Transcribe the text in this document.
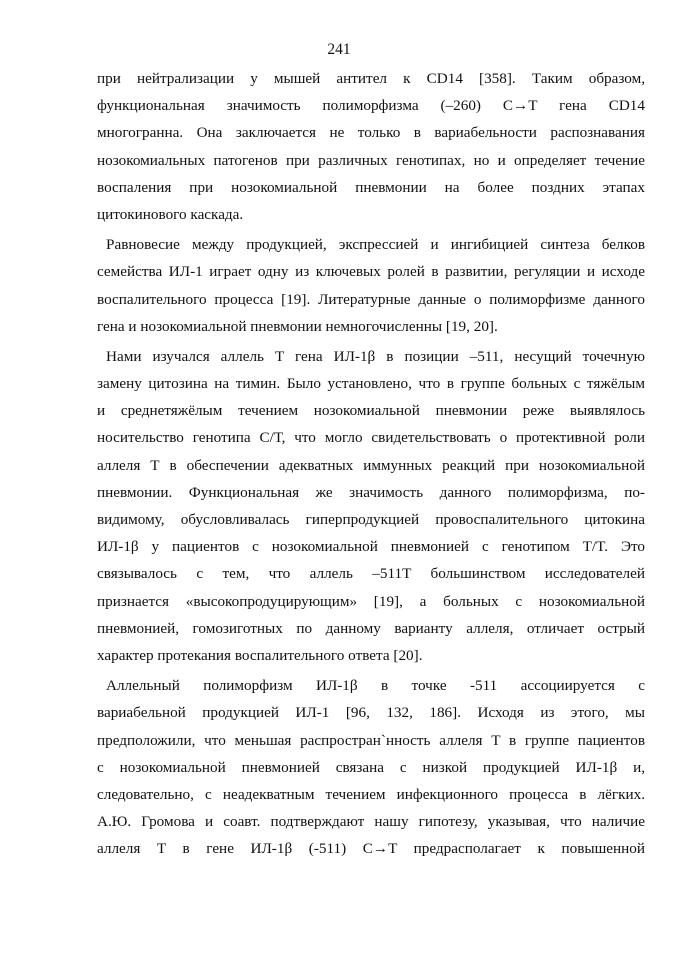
241
при нейтрализации у мышей антител к CD14 [358]. Таким образом,
функциональная значимость полиморфизма (–260) C→T гена CD14
многогранна. Она заключается не только в вариабельности распознавания
нозокомиальных патогенов при различных генотипах, но и определяет течение
воспаления при нозокомиальной пневмонии на более поздних этапах
цитокинового каскада.
Равновесие между продукцией, экспрессией и ингибицией синтеза белков
семейства ИЛ-1 играет одну из ключевых ролей в развитии, регуляции и исходе
воспалительного процесса [19]. Литературные данные о полиморфизме данного
гена и нозокомиальной пневмонии немногочисленны [19, 20].
Нами изучался аллель T гена ИЛ-1β в позиции –511, несущий точечную
замену цитозина на тимин. Было установлено, что в группе больных с тяжёлым
и среднетяжёлым течением нозокомиальной пневмонии реже выявлялось
носительство генотипа С/Т, что могло свидетельствовать о протективной роли
аллеля Т в обеспечении адекватных иммунных реакций при нозокомиальной
пневмонии. Функциональная же значимость данного полиморфизма, по-
видимому, обусловливалась гиперпродукцией провоспалительного цитокина
ИЛ-1β у пациентов с нозокомиальной пневмонией с генотипом T/T. Это
связывалось с тем, что аллель –511T большинством исследователей
признается «высокопродуцирующим» [19], а больных с нозокомиальной
пневмонией, гомозиготных по данному варианту аллеля, отличает острый
характер протекания воспалительного ответа [20].
Аллельный полиморфизм ИЛ-1β в точке -511 ассоциируется с
вариабельной продукцией ИЛ-1 [96, 132, 186]. Исходя из этого, мы
предположили, что меньшая распростран`нность аллеля T в группе пациентов
с нозокомиальной пневмонией связана с низкой продукцией ИЛ-1β и,
следовательно, с неадекватным течением инфекционного процесса в лёгких.
А.Ю. Громова и соавт. подтверждают нашу гипотезу, указывая, что наличие
аллеля T в гене ИЛ-1β (-511) C→T предрасполагает к повышенной
